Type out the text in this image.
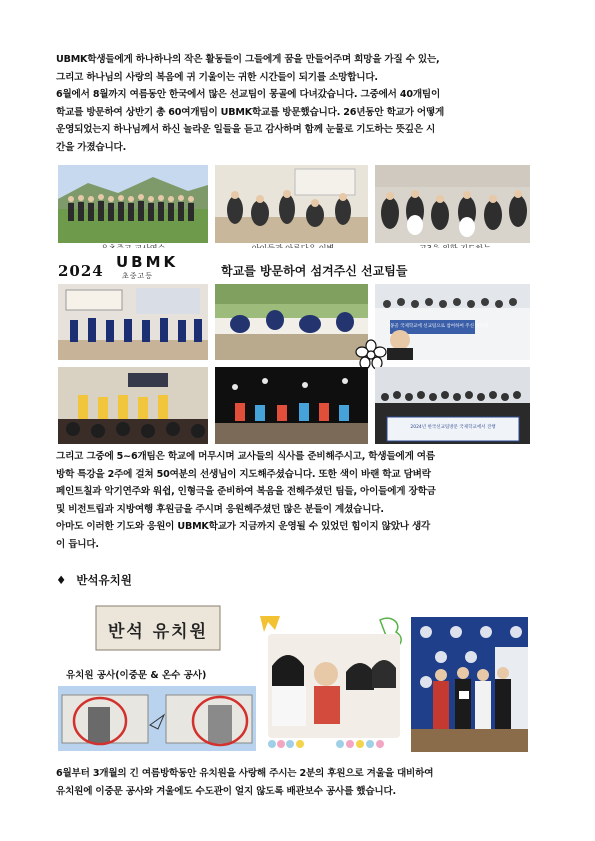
UBMK학생들에게 하나하나의 작은 활동들이 그들에게 꿈을 만들어주며 희망을 가질 수 있는,
그리고 하나님의 사랑의 복음에 귀 기울이는 귀한 시간들이 되기를 소망합니다.
6월에서 8월까지 여름동안 한국에서 많은 선교팀이 몽골에 다녀갔습니다. 그중에서 40개팀이
학교를 방문하여 상반기 총 60여개팀이 UBMK학교를 방문했습니다. 26년동안 학교가 어떻게
운영되었는지 하나님께서 하신 놀라운 일들을 듣고 감사하며 함께 눈물로 기도하는 뜻깊은 시
간을 가졌습니다.
2024 UBMK
초중고등	학교를 방문하여 섬겨주신 선교팀들
몽골 국제학교에 선교팀으로 참여하여 주신 여러분
2024년 한국선교팀방문 국제학교에서 진행
그리고 그중에 5~6개팀은 학교에 머무시며 교사들의 식사를 준비해주시고, 학생들에게 여름
방학 특강을 2주에 걸쳐 50여분의 선생님이 지도해주셨습니다. 또한 색이 바랜 학교 담벼락
페인트칠과 악기연주와 워쉽, 인형극을 준비하여 복음을 전해주셨던 팀들, 아이들에게 장학금
및 비전트립과 지방여행 후원금을 주시며 응원해주셨던 많은 분들이 계셨습니다.
아마도 이러한 기도와 응원이 UBMK학교가 지금까지 운영될 수 있었던 힘이지 않았나 생각
이 듭니다.
♦ 반석유치원
반석 유치원
유치원 공사(이중문 & 온수 공사)
6월부터 3개월의 긴 여름방학동안 유치원을 사랑해 주시는 2분의 후원으로 겨울을 대비하여
유치원에 이중문 공사와 겨울에도 수도관이 얼지 않도록 배관보수 공사를 했습니다.
